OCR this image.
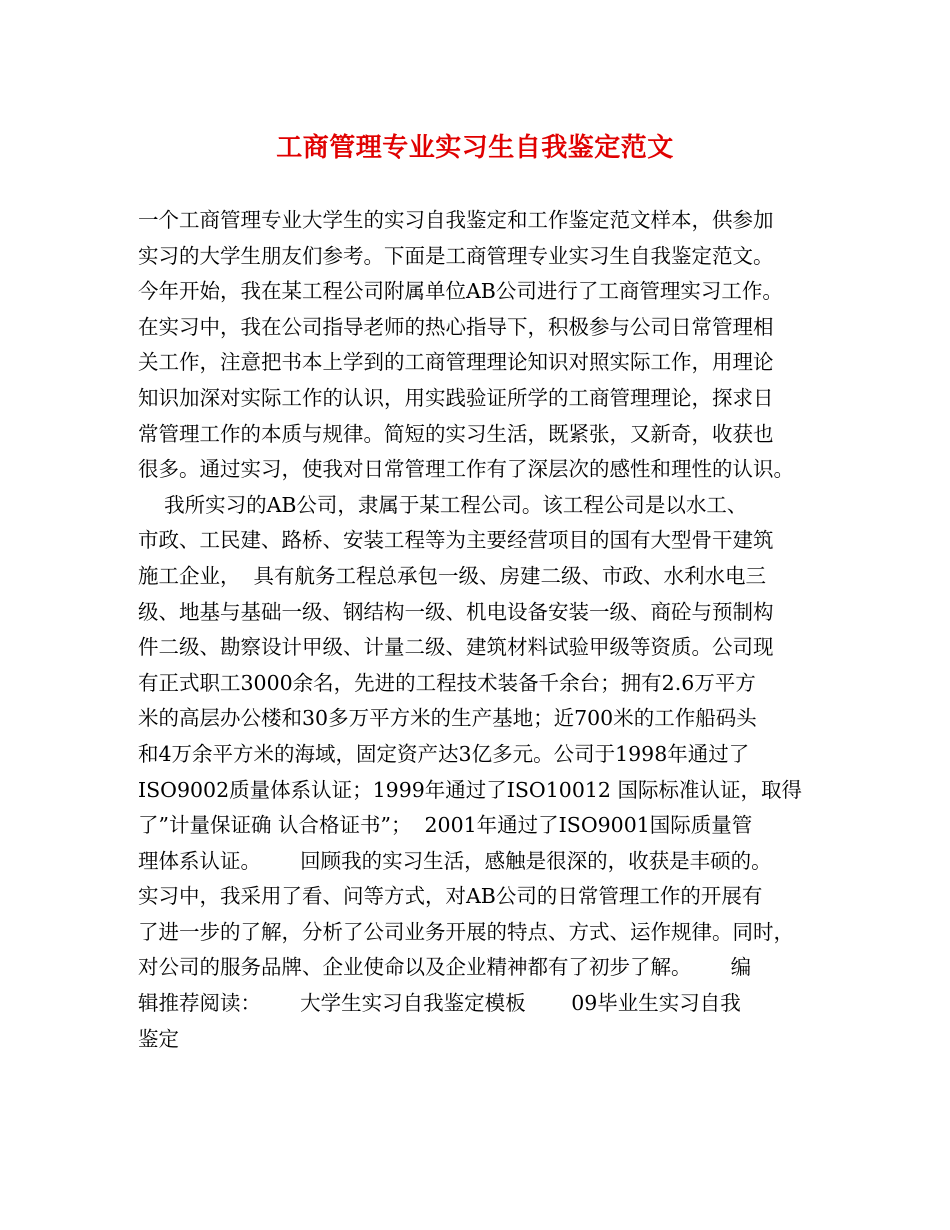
工商管理专业实习生自我鉴定范文
一个工商管理专业大学生的实习自我鉴定和工作鉴定范文样本，供参加
实习的大学生朋友们参考。下面是工商管理专业实习生自我鉴定范文。
今年开始，我在某工程公司附属单位AB公司进行了工商管理实习工作。
在实习中，我在公司指导老师的热心指导下，积极参与公司日常管理相
关工作，注意把书本上学到的工商管理理论知识对照实际工作，用理论
知识加深对实际工作的认识，用实践验证所学的工商管理理论，探求日
常管理工作的本质与规律。简短的实习生活，既紧张，又新奇，收获也
很多。通过实习，使我对日常管理工作有了深层次的感性和理性的认识。
我所实习的AB公司，隶属于某工程公司。该工程公司是以水工、
市政、工民建、路桥、安装工程等为主要经营项目的国有大型骨干建筑
施工企业，  具有航务工程总承包一级、房建二级、市政、水利水电三
级、地基与基础一级、钢结构一级、机电设备安装一级、商砼与预制构
件二级、勘察设计甲级、计量二级、建筑材料试验甲级等资质。公司现
有正式职工3000余名，先进的工程技术装备千余台；拥有2.6万平方
米的高层办公楼和30多万平方米的生产基地；近700米的工作船码头
和4万余平方米的海域，固定资产达3亿多元。公司于1998年通过了
ISO9002质量体系认证；1999年通过了ISO10012 国际标准认证，取得
了”计量保证确 认合格证书”；  2001年通过了ISO9001国际质量管
理体系认证。      回顾我的实习生活，感触是很深的，收获是丰硕的。
实习中，我采用了看、问等方式，对AB公司的日常管理工作的开展有
了进一步的了解，分析了公司业务开展的特点、方式、运作规律。同时，
对公司的服务品牌、企业使命以及企业精神都有了初步了解。      编
辑推荐阅读：      大学生实习自我鉴定模板       09毕业生实习自我
鉴定
